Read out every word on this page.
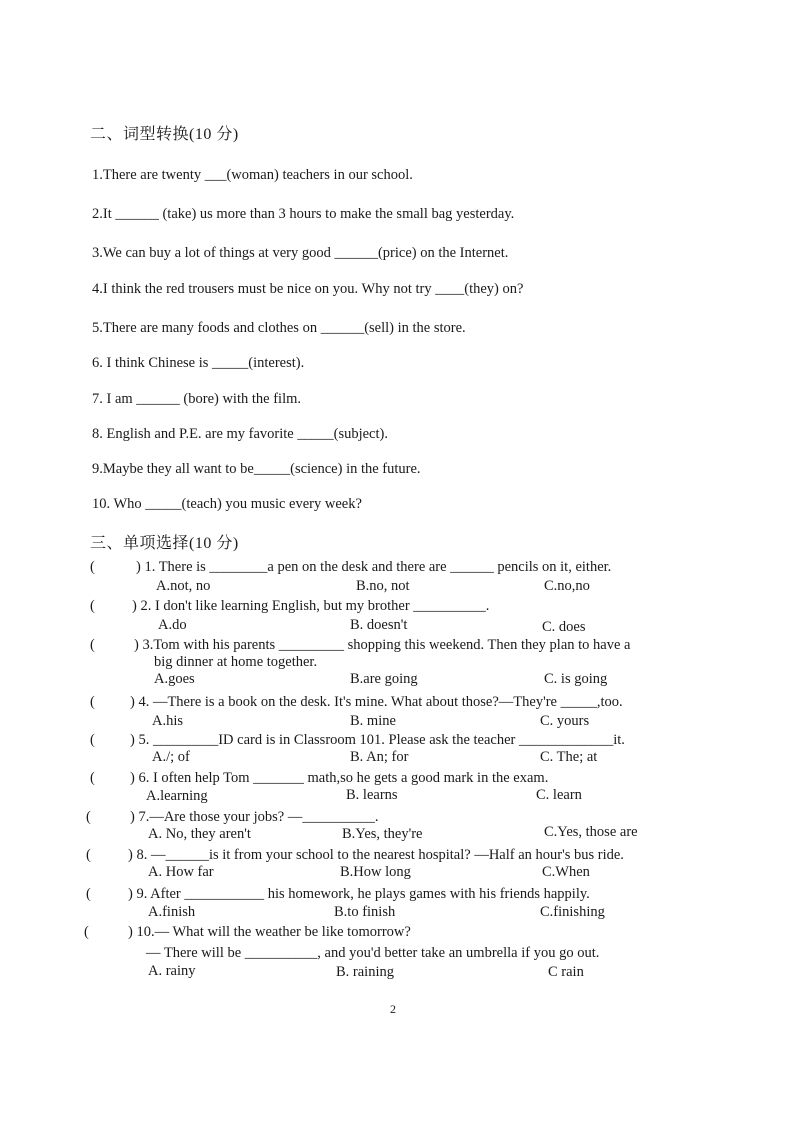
二、词型转换(10 分)
1.There are twenty ___(woman) teachers in our school.
2.It ______ (take) us more than 3 hours to make the small bag yesterday.
3.We can buy a lot of things at very good ______(price) on the Internet.
4.I think the red trousers must be nice on you. Why not try ____(they) on?
5.There are many foods and clothes on ______(sell) in the store.
6. I think Chinese is _____(interest).
7. I am ______ (bore) with the film.
8. English and P.E. are my favorite _____(subject).
9.Maybe they all want to be_____(science) in the future.
10. Who _____(teach) you music every week?
三、单项选择(10 分)
(	) 1. There is ________a pen on the desk and there are ______ pencils on it, either.
A.not, no	B.no, not	C.no,no
(	) 2. I don't like learning English, but my brother __________.
A.do	B. doesn't	C. does
(	) 3.Tom with his parents _________ shopping this weekend. Then they plan to have a
big dinner at home together.
A.goes	B.are going	C. is going
( ) 4. —There is a book on the desk. It's mine. What about those?—They're _____,too.
A.his	B. mine	C. yours
( ) 5. _________ID card is in Classroom 101. Please ask the teacher _____________it.
A./; of	B. An; for	C. The; at
( ) 6. I often help Tom _______ math,so he gets a good mark in the exam.
A.learning	B. learns	C. learn
(	) 7.—Are those your jobs? —__________.
A. No, they aren't	B.Yes, they're	C.Yes, those are
(	) 8. —______is it from your school to the nearest hospital? —Half an hour's bus ride.
A. How far	B.How long	C.When
(	) 9. After ___________ his homework, he plays games with his friends happily.
A.finish	B.to finish	C.finishing
(	) 10.— What will the weather be like tomorrow?
— There will be __________, and you'd better take an umbrella if you go out.
A. rainy	B. raining	C rain
2
